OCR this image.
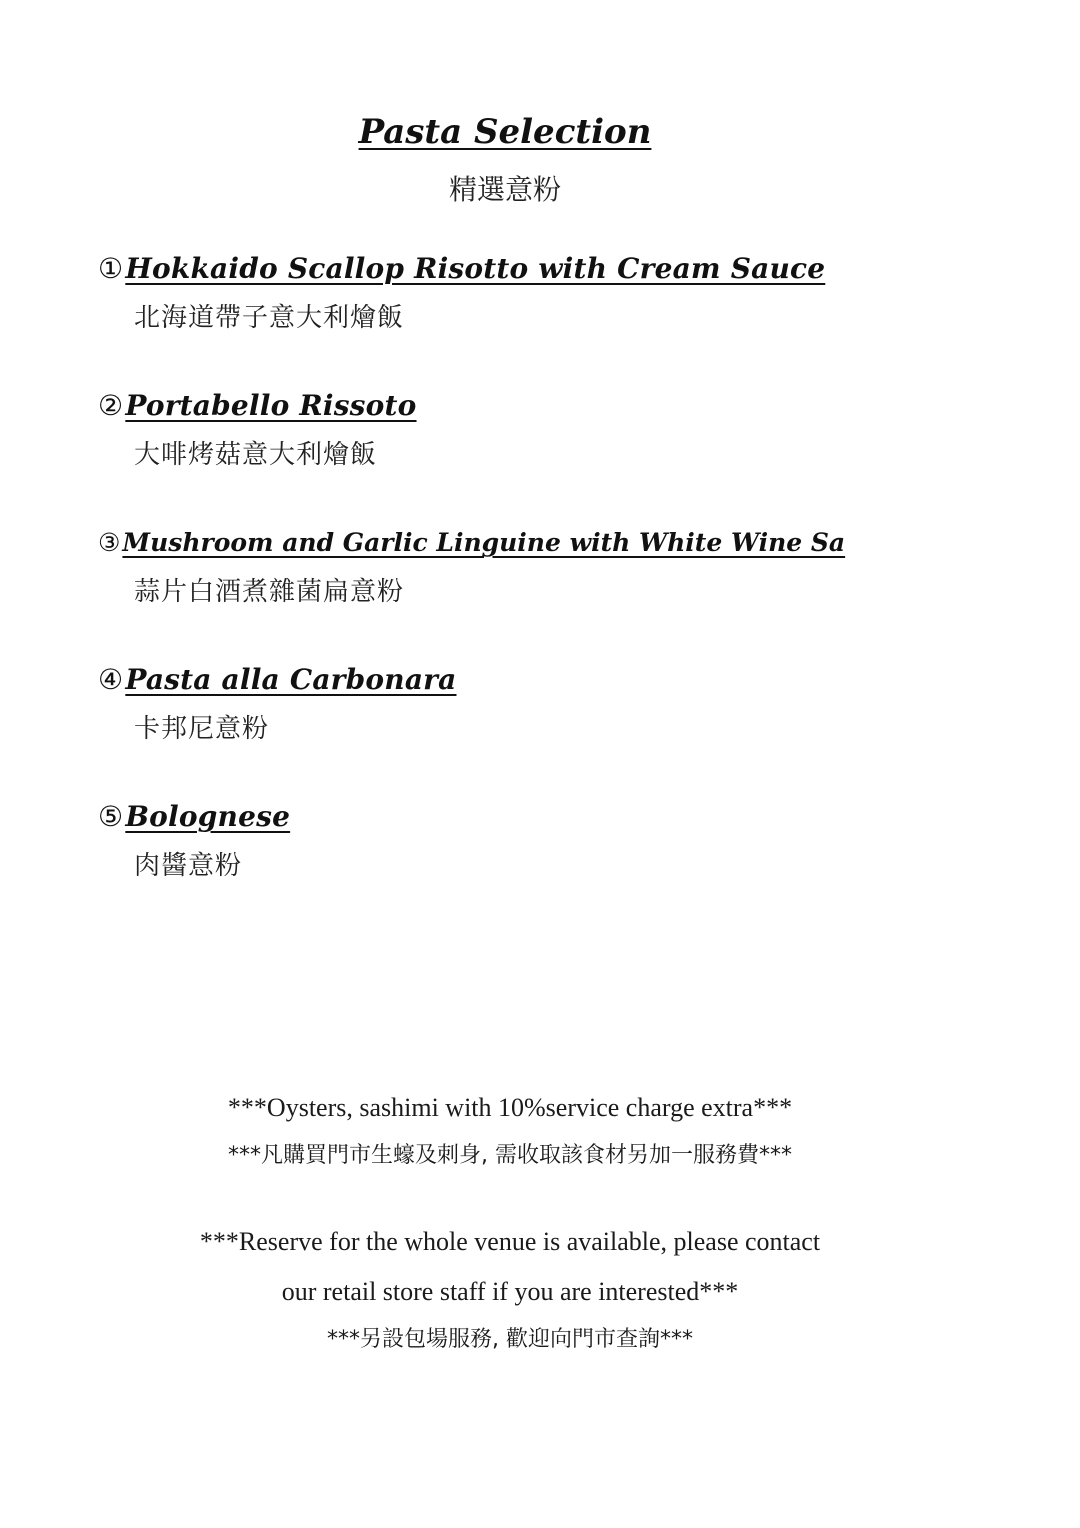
Pasta Selection
精選意粉
①Hokkaido Scallop Risotto with Cream Sauce
北海道帶子意大利燴飯
②Portabello Rissoto
大啡烤菇意大利燴飯
③Mushroom and Garlic Linguine with White Wine Sa
蒜片白酒煮雜菌扁意粉
④Pasta alla Carbonara
卡邦尼意粉
⑤Bolognese
肉醬意粉
***Oysters, sashimi with 10%service charge extra***
***凡購買門市生蠔及刺身, 需收取該食材另加一服務費***
***Reserve for the whole venue is available, please contact
our retail store staff if you are interested***
***另設包場服務, 歡迎向門市查詢***
